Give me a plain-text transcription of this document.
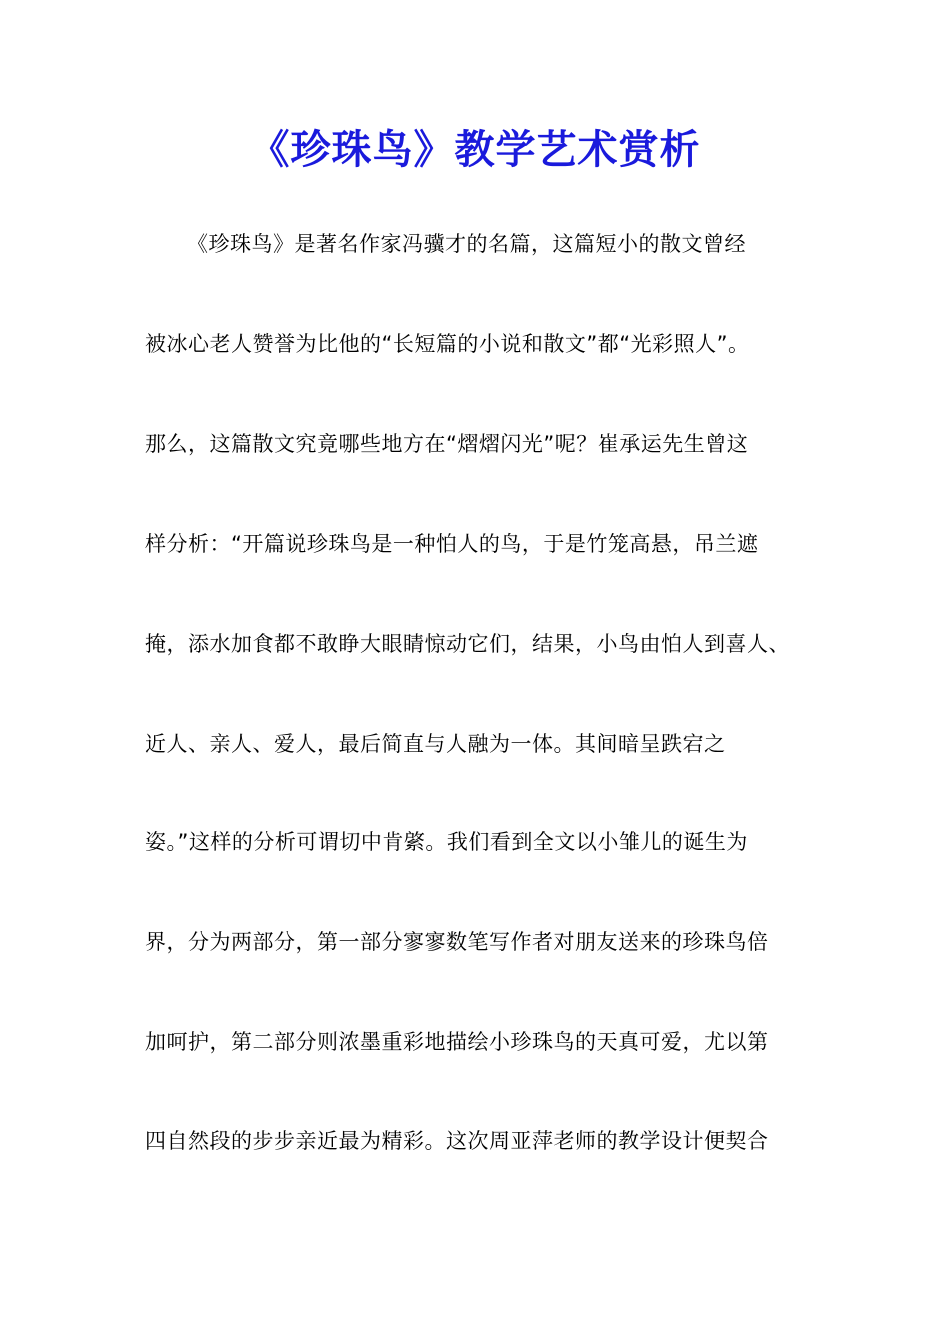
《珍珠鸟》教学艺术赏析
《珍珠鸟》是著名作家冯骥才的名篇，这篇短小的散文曾经
被冰心老人赞誉为比他的“长短篇的小说和散文”都“光彩照人”。
那么，这篇散文究竟哪些地方在“熠熠闪光”呢？崔承运先生曾这
样分析：“开篇说珍珠鸟是一种怕人的鸟，于是竹笼高悬，吊兰遮
掩，添水加食都不敢睁大眼睛惊动它们，结果，小鸟由怕人到喜人、
近人、亲人、爱人，最后简直与人融为一体。其间暗呈跌宕之
姿。”这样的分析可谓切中肯綮。我们看到全文以小雏儿的诞生为
界，分为两部分，第一部分寥寥数笔写作者对朋友送来的珍珠鸟倍
加呵护，第二部分则浓墨重彩地描绘小珍珠鸟的天真可爱，尤以第
四自然段的步步亲近最为精彩。这次周亚萍老师的教学设计便契合
